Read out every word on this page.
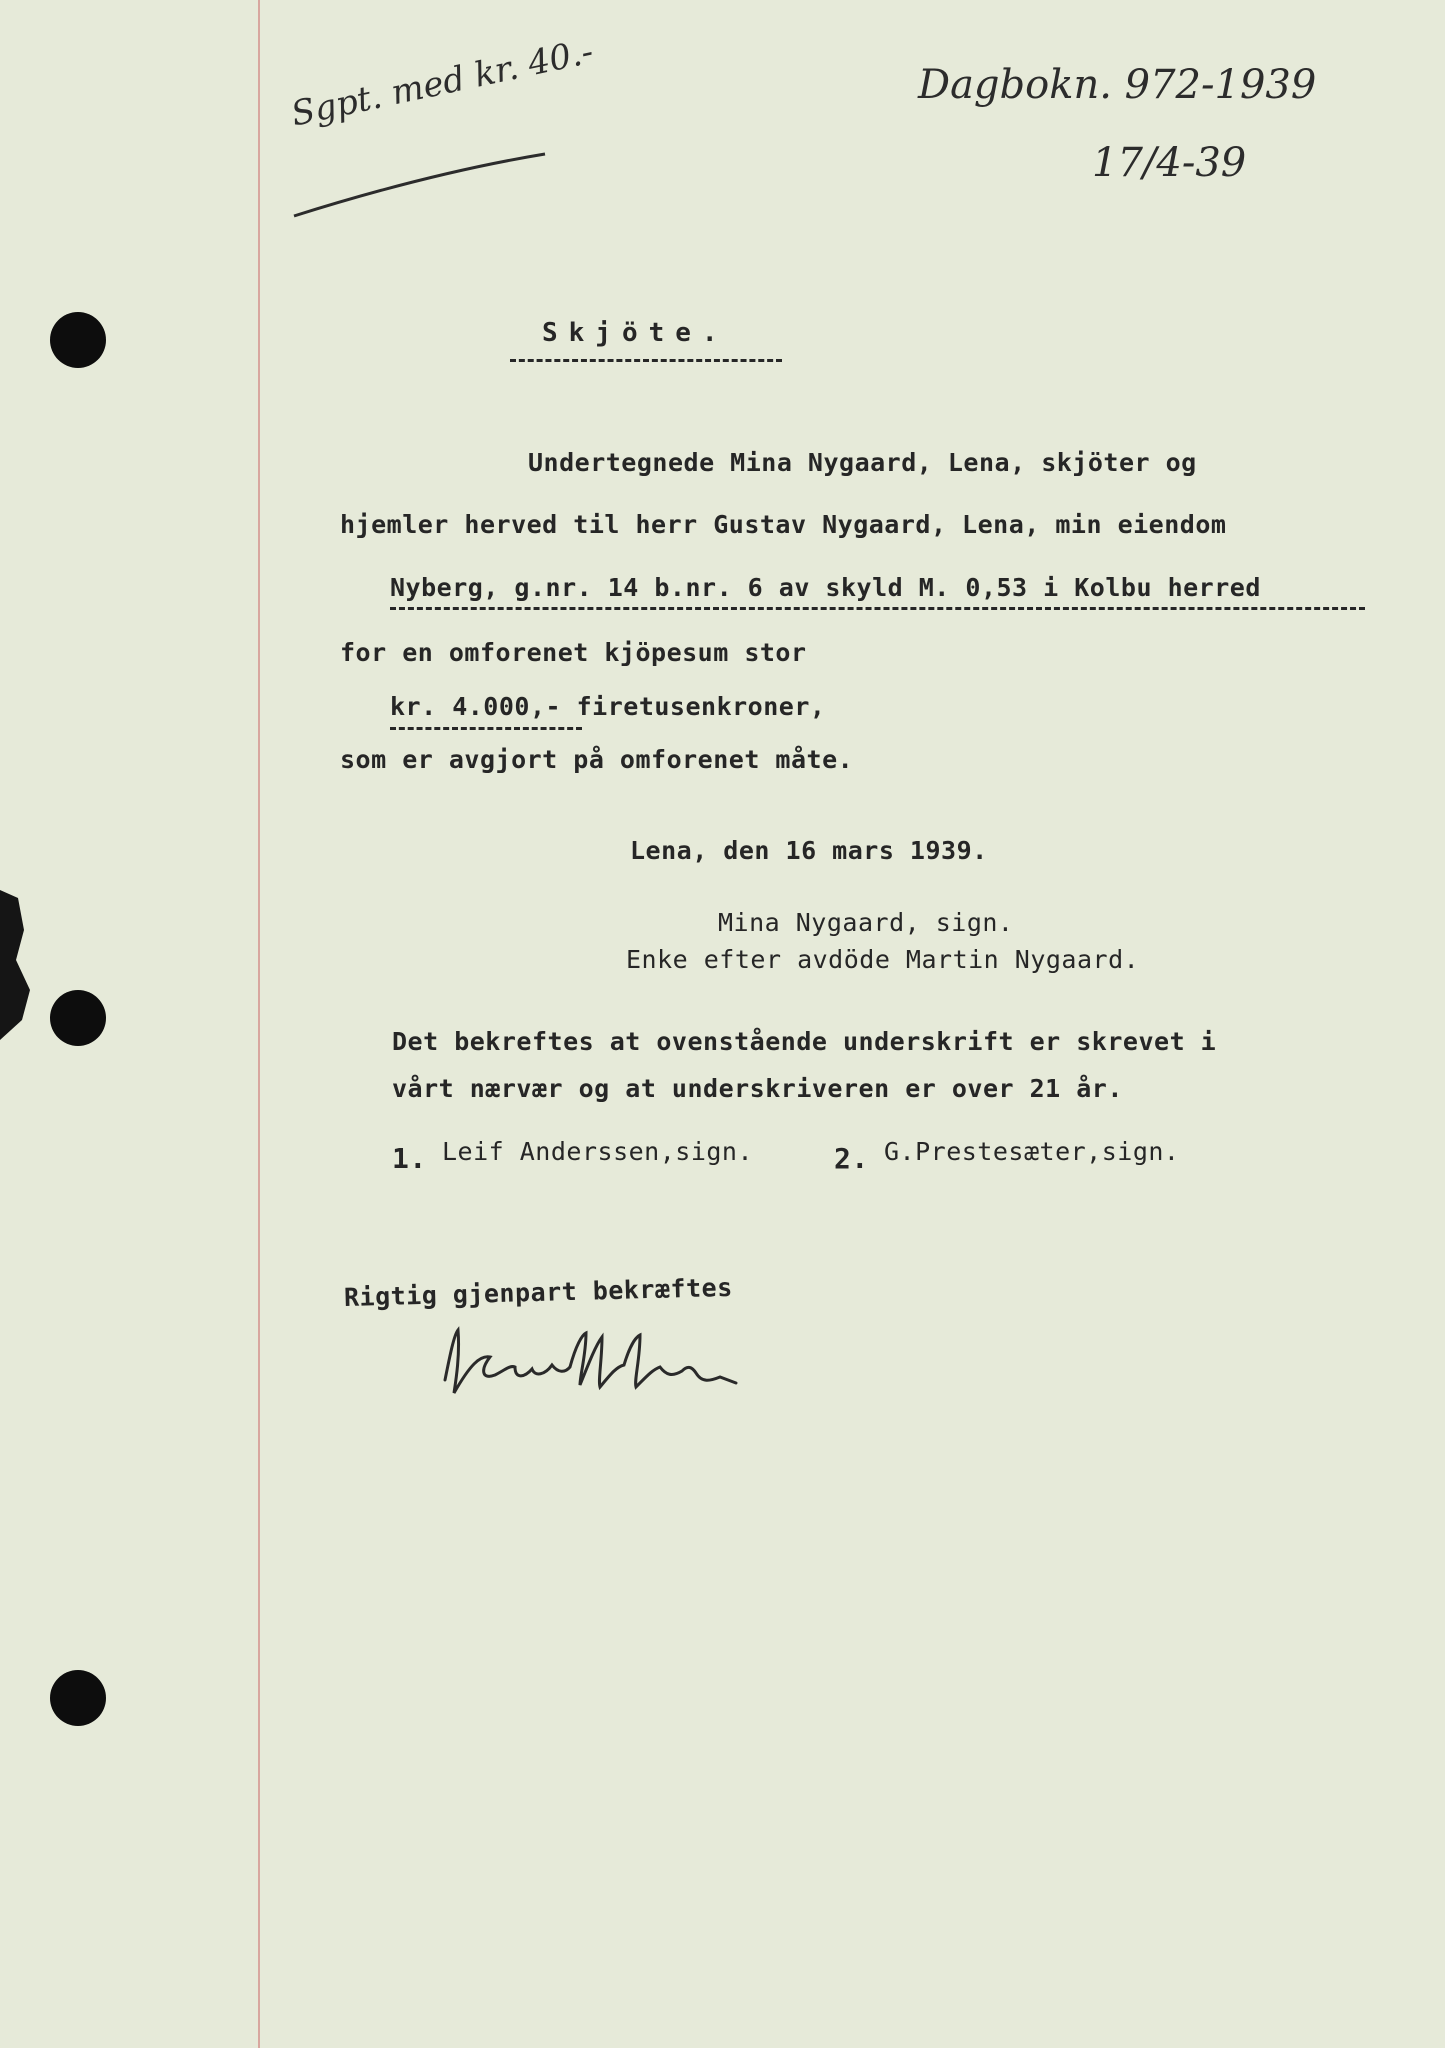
Sgpt. med kr. 40.-	Dagbokn. 972-1939
17/4-39
Skjöte.
Undertegnede Mina Nygaard, Lena, skjöter og
hjemler herved til herr Gustav Nygaard, Lena, min eiendom
Nyberg, g.nr. 14 b.nr. 6 av skyld M. 0,53 i Kolbu herred
for en omforenet kjöpesum stor
kr. 4.000,- firetusenkroner,
som er avgjort på omforenet måte.
Lena, den 16 mars 1939.
Mina Nygaard, sign.
Enke efter avdöde Martin Nygaard.
Det bekreftes at ovenstående underskrift er skrevet i
vårt nærvær og at underskriveren er over 21 år.
1. Leif Anderssen,sign.	2. G.Prestesæter,sign.
Rigtig gjenpart bekræftes
